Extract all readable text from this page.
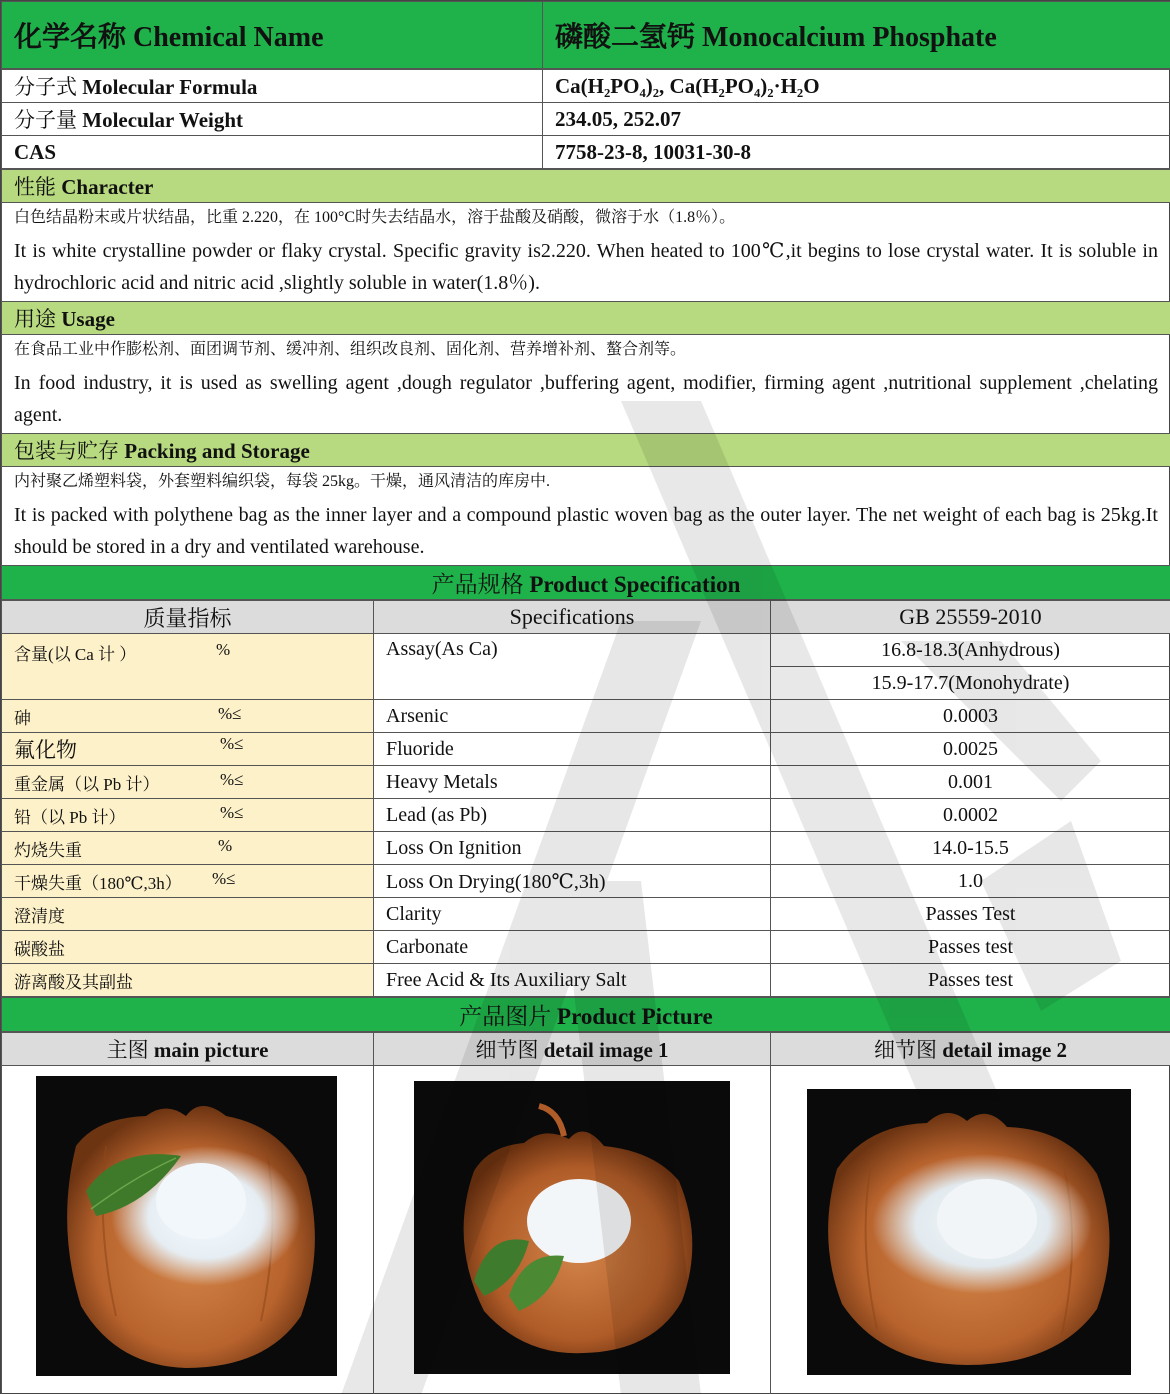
化学名称 Chemical Name	磷酸二氢钙 Monocalcium Phosphate
分子式 Molecular Formula	Ca(H₂PO₄)₂, Ca(H₂PO₄)₂·H₂O
分子量 Molecular Weight	234.05, 252.07
CAS	7758-23-8, 10031-30-8
性能 Character

白色结晶粉末或片状结晶，比重 2.220，在 100°C时失去结晶水，溶于盐酸及硝酸，微溶于水（1.8％）。
It is white crystalline powder or flaky crystal. Specific gravity is2.220. When heated to 100℃,it begins to lose crystal water. It is soluble in hydrochloric acid and nitric acid ,slightly soluble in water(1.8％).

用途 Usage

在食品工业中作膨松剂、面团调节剂、缓冲剂、组织改良剂、固化剂、营养增补剂、螯合剂等。
In food industry, it is used as swelling agent ,dough regulator ,buffering agent, modifier, firming agent ,nutritional supplement ,chelating agent.

包装与贮存 Packing and Storage

内衬聚乙烯塑料袋，外套塑料编织袋，每袋 25kg。干燥，通风清洁的库房中.
It is packed with polythene bag as the inner layer and a compound plastic woven bag as the outer layer. The net weight of each bag is 25kg.It should be stored in a dry and ventilated warehouse.

产品规格 Product Specification
质量指标	Specifications	GB 25559-2010
含量(以 Ca 计 ） %	Assay(As Ca)	16.8-18.3(Anhydrous)
		15.9-17.7(Monohydrate)
砷 %≤	Arsenic	0.0003
氟化物 %≤	Fluoride	0.0025
重金属（以 Pb 计） %≤	Heavy Metals	0.001
铅（以 Pb 计） %≤	Lead (as Pb)	0.0002
灼烧失重 %	Loss On Ignition	14.0-15.5
干燥失重（180℃,3h） %≤	Loss On Drying(180℃,3h)	1.0
澄清度	Clarity	Passes Test
碳酸盐	Carbonate	Passes test
游离酸及其副盐	Free Acid & Its Auxiliary Salt	Passes test
产品图片 Product Picture
主图 main picture	细节图 detail image 1	细节图 detail image 2
